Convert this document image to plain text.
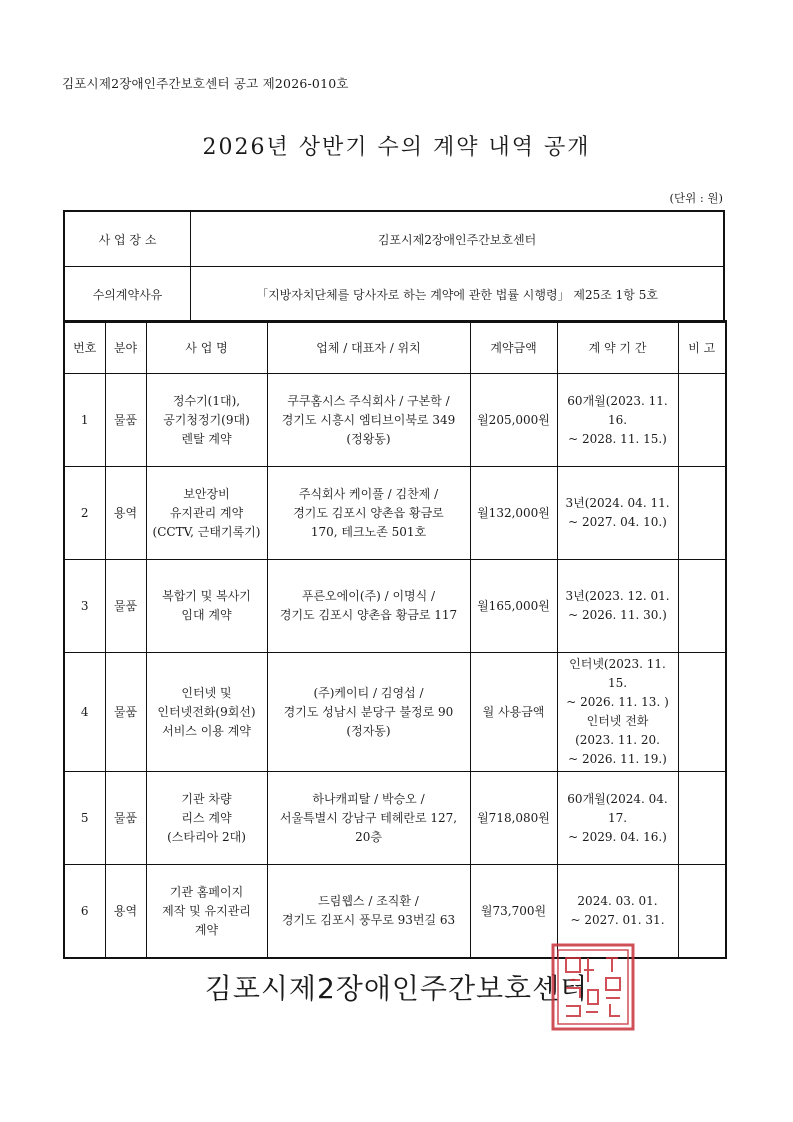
김포시제2장애인주간보호센터 공고 제2026-010호
2026년 상반기 수의 계약 내역 공개
(단위 : 원)
사 업 장 소	김포시제2장애인주간보호센터
수의계약사유	「지방자치단체를 당사자로 하는 계약에 관한 법률 시행령」 제25조 1항 5호
번호	분야	사 업 명	업체 / 대표자 / 위치	계약금액	계 약 기 간	비 고
1	물품	정수기(1대),
공기청정기(9대)
렌탈 계약	쿠쿠홈시스 주식회사 / 구본학 /
경기도 시흥시 엠티브이북로 349
(정왕동)	월205,000원	60개월(2023. 11. 16.
~ 2028. 11. 15.)	
2	용역	보안장비
유지관리 계약
(CCTV, 근태기록기)	주식회사 케이풀 / 김찬제 /
경기도 김포시 양촌읍 황금로
170, 테크노존 501호	월132,000원	3년(2024. 04. 11.
~ 2027. 04. 10.)	
3	물품	복합기 및 복사기
임대 계약	푸른오에이(주) / 이명식 /
경기도 김포시 양촌읍 황금로 117	월165,000원	3년(2023. 12. 01.
~ 2026. 11. 30.)	
4	물품	인터넷 및
인터넷전화(9회선)
서비스 이용 계약	(주)케이티 / 김영섭 /
경기도 성남시 분당구 불정로 90
(정자동)	월 사용금액	인터넷(2023. 11. 15.
~ 2026. 11. 13. )
인터넷 전화
(2023. 11. 20.
~ 2026. 11. 19.)	
5	물품	기관 차량
리스 계약
(스타리아 2대)	하나캐피탈 / 박승오 /
서울특별시 강남구 테헤란로 127,
20층	월718,080원	60개월(2024. 04. 17.
~ 2029. 04. 16.)	
6	용역	기관 홈페이지
제작 및 유지관리
계약	드림웹스 / 조직환 /
경기도 김포시 풍무로 93번길 63	월73,700원	2024. 03. 01.
~ 2027. 01. 31.	
김포시제2장애인주간보호센터
